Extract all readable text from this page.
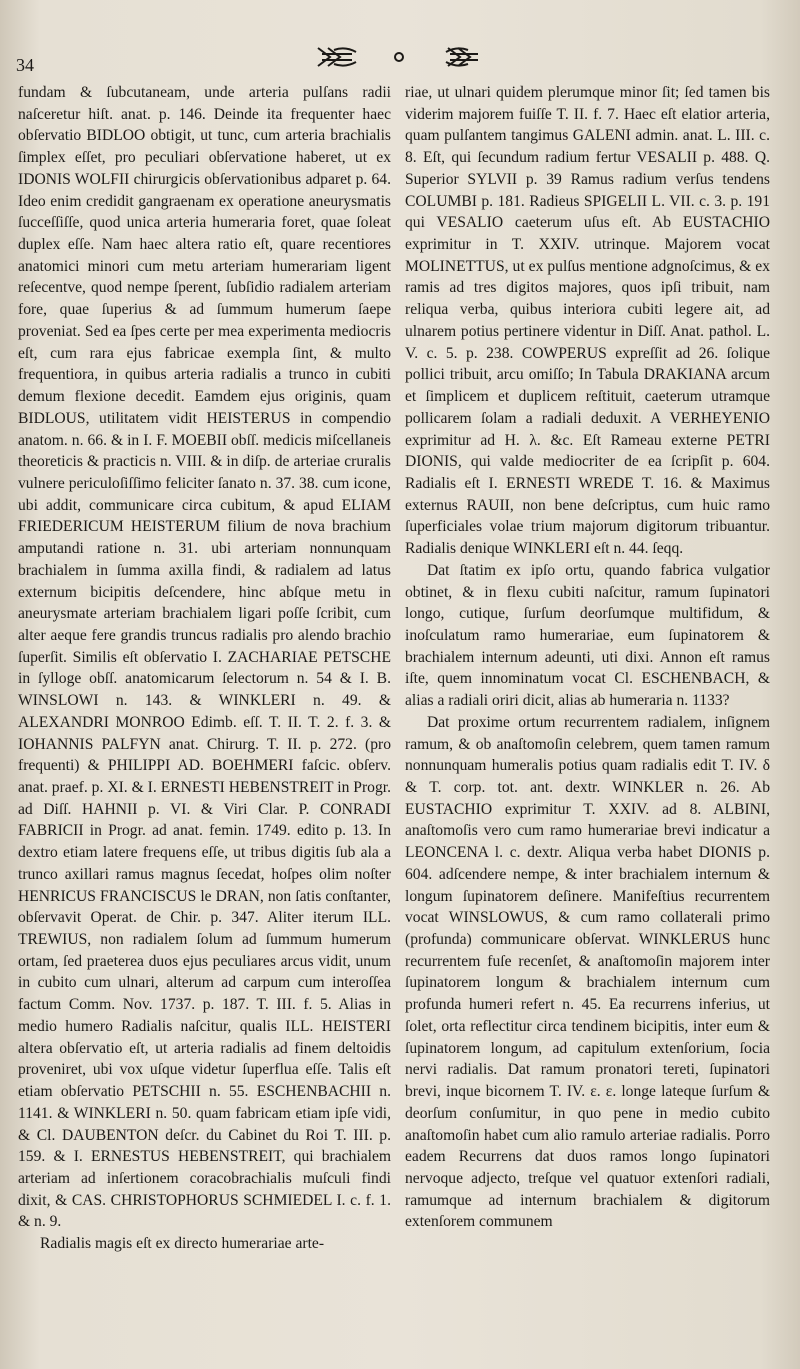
34

fundam & ſubcutaneam, unde arteria pulſans radii naſceretur hiſt. anat. p. 146. Deinde ita frequenter haec obſervatio BIDLOO obtigit, ut tunc, cum arteria brachialis ſimplex eſſet, pro peculiari obſervatione haberet, ut ex IDONIS WOLFII chirurgicis obſervationibus adparet p. 64. Ideo enim credidit gangraenam ex operatione aneurysmatis ſucceſſiſſe, quod unica arteria humeraria foret, quae ſoleat duplex eſſe. Nam haec altera ratio eſt, quare recentiores anatomici minori cum metu arteriam humerariam ligent reſecentve, quod nempe ſperent, ſubſidio radialem arteriam fore, quae ſuperius & ad ſummum humerum ſaepe proveniat. Sed ea ſpes certe per mea experimenta mediocris eſt, cum rara ejus fabricae exempla ſint, & multo frequentiora, in quibus arteria radialis a trunco in cubiti demum flexione decedit. Eamdem ejus originis, quam BIDLOUS, utilitatem vidit HEISTERUS in compendio anatom. n. 66. & in I. F. MOEBII obſſ. medicis miſcellaneis theoreticis & practicis n. VIII. & in diſp. de arteriae cruralis vulnere periculoſiſſimo feliciter ſanato n. 37. 38. cum icone, ubi addit, communicare circa cubitum, & apud ELIAM FRIEDERICUM HEISTERUM filium de nova brachium amputandi ratione n. 31. ubi arteriam nonnunquam brachialem in ſumma axilla findi, & radialem ad latus externum bicipitis deſcendere, hinc abſque metu in aneurysmate arteriam brachialem ligari poſſe ſcribit, cum alter aeque fere grandis truncus radialis pro alendo brachio ſuperſit. Similis eſt obſervatio I. ZACHARIAE PETSCHE in ſylloge obſſ. anatomicarum ſelectorum n. 54 & I. B. WINSLOWI n. 143. & WINKLERI n. 49. & ALEXANDRI MONROO Edimb. eſſ. T. II. T. 2. f. 3. & IOHANNIS PALFYN anat. Chirurg. T. II. p. 272. (pro frequenti) & PHILIPPI AD. BOEHMERI faſcic. obſerv. anat. praef. p. XI. & I. ERNESTI HEBENSTREIT in Progr. ad Diſſ. HAHNII p. VI. & Viri Clar. P. CONRADI FABRICII in Progr. ad anat. femin. 1749. edito p. 13. In dextro etiam latere frequens eſſe, ut tribus digitis ſub ala a trunco axillari ramus magnus ſecedat, hoſpes olim noſter HENRICUS FRANCISCUS le DRAN, non ſatis conſtanter, obſervavit Operat. de Chir. p. 347. Aliter iterum ILL. TREWIUS, non radialem ſolum ad ſummum humerum ortam, ſed praeterea duos ejus peculiares arcus vidit, unum in cubito cum ulnari, alterum ad carpum cum interoſſea factum Comm. Nov. 1737. p. 187. T. III. f. 5. Alias in medio humero Radialis naſcitur, qualis ILL. HEISTERI altera obſervatio eſt, ut arteria radialis ad finem deltoidis proveniret, ubi vox uſque videtur ſuperflua eſſe. Talis eſt etiam obſervatio PETSCHII n. 55. ESCHENBACHII n. 1141. & WINKLERI n. 50. quam fabricam etiam ipſe vidi, & Cl. DAUBENTON deſcr. du Cabinet du Roi T. III. p. 159. & I. ERNESTUS HEBENSTREIT, qui brachialem arteriam ad inſertionem coracobrachialis muſculi findi dixit, & CAS. CHRISTOPHORUS SCHMIEDEL I. c. f. 1. & n. 9.

Radialis magis eſt ex directo humerariae arte-

riae, ut ulnari quidem plerumque minor ſit; ſed tamen bis viderim majorem fuiſſe T. II. f. 7. Haec eſt elatior arteria, quam pulſantem tangimus GALENI admin. anat. L. III. c. 8. Eſt, qui ſecundum radium fertur VESALII p. 488. Q. Superior SYLVII p. 39 Ramus radium verſus tendens COLUMBI p. 181. Radieus SPIGELII L. VII. c. 3. p. 191 qui VESALIO caeterum uſus eſt. Ab EUSTACHIO exprimitur in T. XXIV. utrinque. Majorem vocat MOLINETTUS, ut ex pulſus mentione adgnoſcimus, & ex ramis ad tres digitos majores, quos ipſi tribuit, nam reliqua verba, quibus interiora cubiti legere ait, ad ulnarem potius pertinere videntur in Diſſ. Anat. pathol. L. V. c. 5. p. 238. COWPERUS expreſſit ad 26. ſolique pollici tribuit, arcu omiſſo; In Tabula DRAKIANA arcum et ſimplicem et duplicem reſtituit, caeterum utramque pollicarem ſolam a radiali deduxit. A VERHEYENIO exprimitur ad H. λ. &c. Eſt Rameau externe PETRI DIONIS, qui valde mediocriter de ea ſcripſit p. 604. Radialis eſt I. ERNESTI WREDE T. 16. & Maximus externus RAUII, non bene deſcriptus, cum huic ramo ſuperficiales volae trium majorum digitorum tribuantur. Radialis denique WINKLERI eſt n. 44. ſeqq.

Dat ſtatim ex ipſo ortu, quando fabrica vulgatior obtinet, & in flexu cubiti naſcitur, ramum ſupinatori longo, cutique, ſurſum deorſumque multifidum, & inoſculatum ramo humerariae, eum ſupinatorem & brachialem internum adeunti, uti dixi. Annon eſt ramus iſte, quem innominatum vocat Cl. ESCHENBACH, & alias a radiali oriri dicit, alias ab humeraria n. 1133?

Dat proxime ortum recurrentem radialem, inſignem ramum, & ob anaſtomoſin celebrem, quem tamen ramum nonnunquam humeralis potius quam radialis edit T. IV. δ & T. corp. tot. ant. dextr. WINKLER n. 26. Ab EUSTACHIO exprimitur T. XXIV. ad 8. ALBINI, anaſtomoſis vero cum ramo humerariae brevi indicatur a LEONCENA l. c. dextr. Aliqua verba habet DIONIS p. 604. adſcendere nempe, & inter brachialem internum & longum ſupinatorem deſinere. Manifeſtius recurrentem vocat WINSLOWUS, & cum ramo collaterali primo (profunda) communicare obſervat. WINKLERUS hunc recurrentem fuſe recenſet, & anaſtomoſin majorem inter ſupinatorem longum & brachialem internum cum profunda humeri refert n. 45. Ea recurrens inferius, ut ſolet, orta reflectitur circa tendinem bicipitis, inter eum & ſupinatorem longum, ad capitulum extenſorium, ſocia nervi radialis. Dat ramum pronatori tereti, ſupinatori brevi, inque bicornem T. IV. ε. ε. longe lateque ſurſum & deorſum conſumitur, in quo pene in medio cubito anaſtomoſin habet cum alio ramulo arteriae radialis. Porro eadem Recurrens dat duos ramos longo ſupinatori nervoque adjecto, treſque vel quatuor extenſori radiali, ramumque ad internum brachialem & digitorum extenſorem communem
